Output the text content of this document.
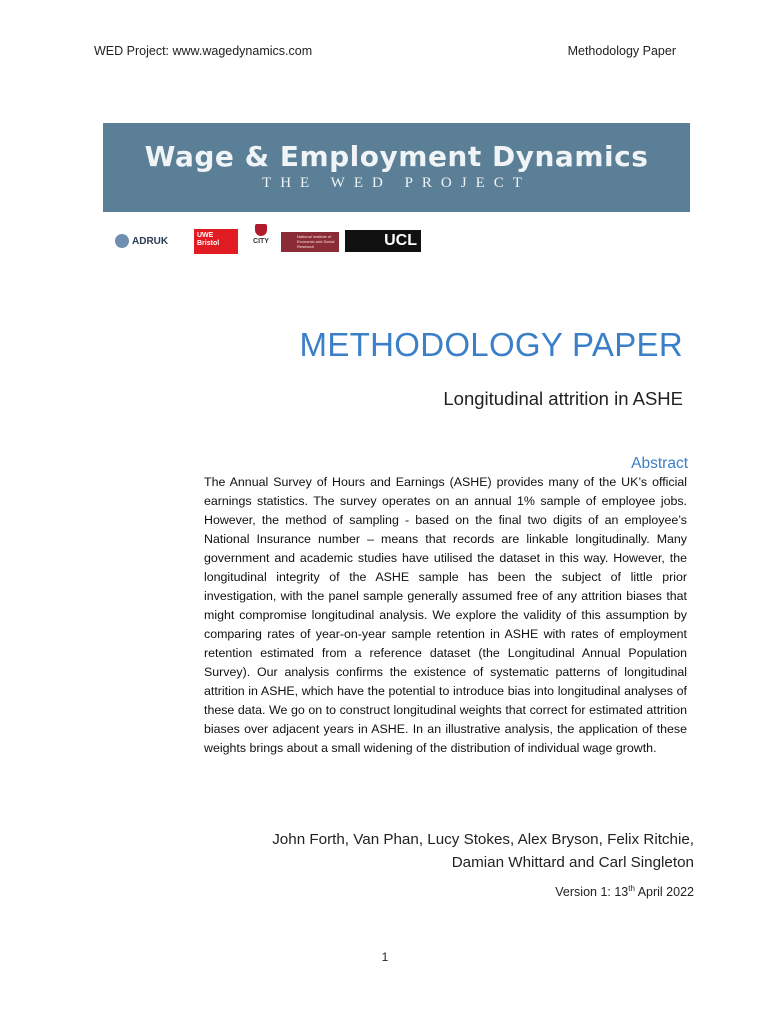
WED Project: www.wagedynamics.com	Methodology Paper
Wage & Employment Dynamics
THE WED PROJECT
ADRUK	UWE Bristol	CITY
National Institute of Economic and Social Research	UCL
METHODOLOGY PAPER
Longitudinal attrition in ASHE
Abstract
The Annual Survey of Hours and Earnings (ASHE) provides many of the UK’s official earnings statistics. The survey operates on an annual 1% sample of employee jobs. However, the method of sampling - based on the final two digits of an employee’s National Insurance number – means that records are linkable longitudinally. Many government and academic studies have utilised the dataset in this way. However, the longitudinal integrity of the ASHE sample has been the subject of little prior investigation, with the panel sample generally assumed free of any attrition biases that might compromise longitudinal analysis. We explore the validity of this assumption by comparing rates of year-on-year sample retention in ASHE with rates of employment retention estimated from a reference dataset (the Longitudinal Annual Population Survey). Our analysis confirms the existence of systematic patterns of longitudinal attrition in ASHE, which have the potential to introduce bias into longitudinal analyses of these data. We go on to construct longitudinal weights that correct for estimated attrition biases over adjacent years in ASHE. In an illustrative analysis, the application of these weights brings about a small widening of the distribution of individual wage growth.
John Forth, Van Phan, Lucy Stokes, Alex Bryson, Felix Ritchie,
Damian Whittard and Carl Singleton
Version 1: 13th April 2022
1
